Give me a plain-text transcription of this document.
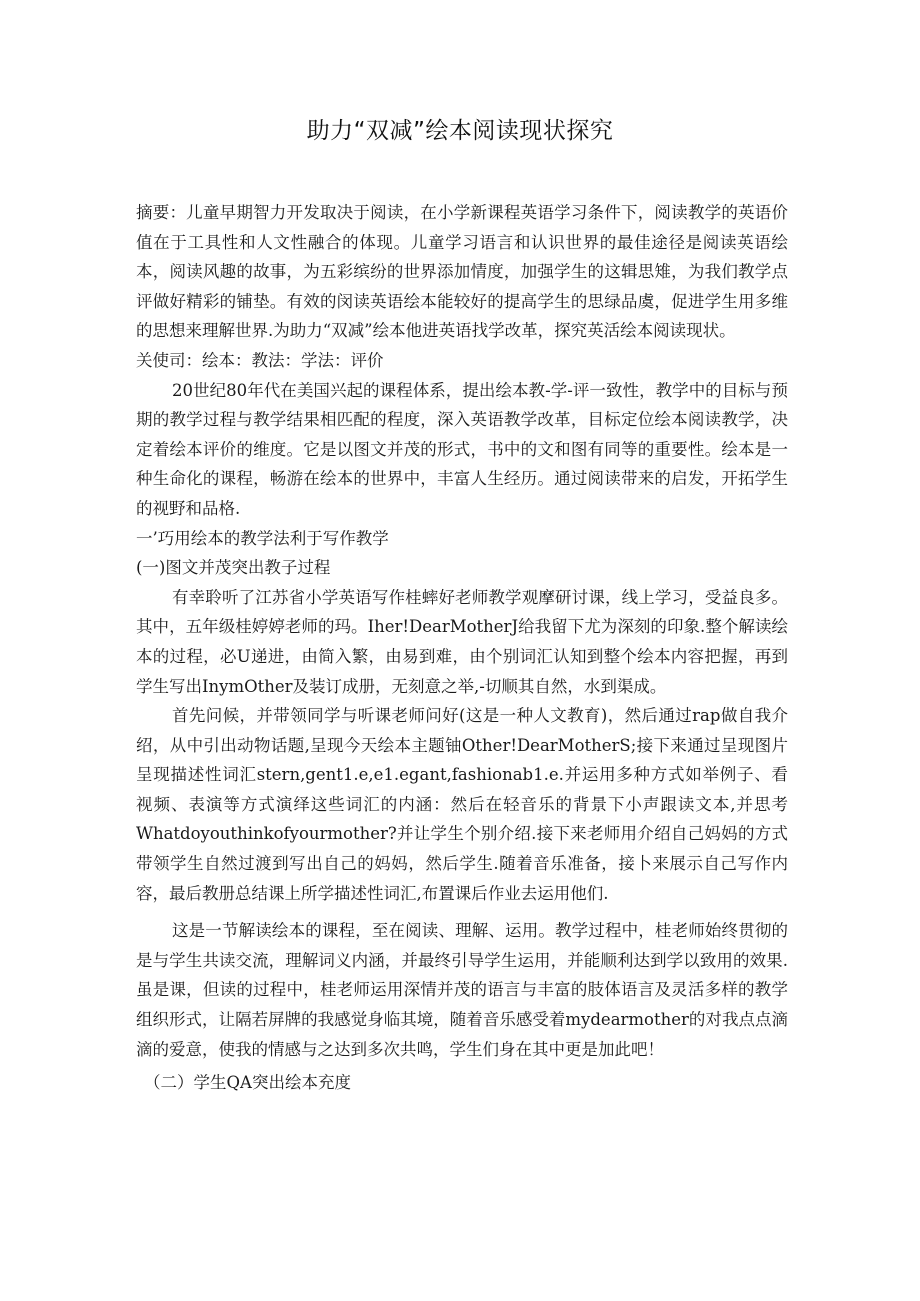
助力“双减”绘本阅读现状探究

摘要：儿童早期智力开发取决于阅读，在小学新课程英语学习条件下，阅读教学的英语价值在于工具性和人文性融合的体现。儿童学习语言和认识世界的最佳途径是阅读英语绘本，阅读风趣的故事，为五彩缤纷的世界添加情度，加强学生的这辑思雉，为我们教学点评做好精彩的铺垫。有效的闵读英语绘本能较好的提高学生的思绿品虞，促进学生用多维的思想来理解世界.为助力“双减”绘本他进英语找学改革，探究英活绘本阅读现状。

关使司：绘本：教法：学法：评价

20世纪80年代在美国兴起的课程体系，提出绘本教-学-评一致性，教学中的目标与预期的教学过程与教学结果相匹配的程度，深入英语教学改革，目标定位绘本阅读教学，决定着绘本评价的维度。它是以图文并茂的形式，书中的文和图有同等的重要性。绘本是一种生命化的课程，畅游在绘本的世界中，丰富人生经历。通过阅读带来的启发，开拓学生的视野和品格.

一’巧用绘本的教学法利于写作教学

(一)图文并茂突出教子过程

有幸聆听了江苏省小学英语写作桂蟀好老师教学观摩研讨课，线上学习，受益良多。其中，五年级桂婷婷老师的玛。Iher!DearMotherJ给我留下尤为深刻的印象.整个解读绘本的过程，必U递进，由简入繁，由易到难，由个别词汇认知到整个绘本内容把握，再到学生写出InymOther及装订成册，无刻意之举,-切顺其自然，水到渠成。

首先问候，并带领同学与听课老师问好(这是一种人文教育)，然后通过rap做自我介绍，从中引出动物话题,呈现今天绘本主题铀Other!DearMotherS;接下来通过呈现图片呈现描述性词汇stern,gent1.e,e1.egant,fashionab1.e.并运用多种方式如举例子、看视频、表演等方式演绎这些词汇的内涵：然后在轻音乐的背景下小声跟读文本,并思考Whatdoyouthinkofyourmother?并让学生个别介绍.接下来老师用介绍自己妈妈的方式带领学生自然过渡到写出自己的妈妈，然后学生.随着音乐准备，接卜来展示自己写作内容，最后教册总结课上所学描述性词汇,布置课后作业去运用他们.

这是一节解读绘本的课程，至在阅读、理解、运用。教学过程中，桂老师始终贯彻的是与学生共读交流，理解词义内涵，并最终引导学生运用，并能顺利达到学以致用的效果.虽是课，但读的过程中，桂老师运用深情并茂的语言与丰富的肢体语言及灵活多样的教学组织形式，让隔若屏牌的我感觉身临其境，随着音乐感受着mydearmother的对我点点滴滴的爱意，使我的情感与之达到多次共鸣，学生们身在其中更是加此吧！

（二）学生QA突出绘本充度
